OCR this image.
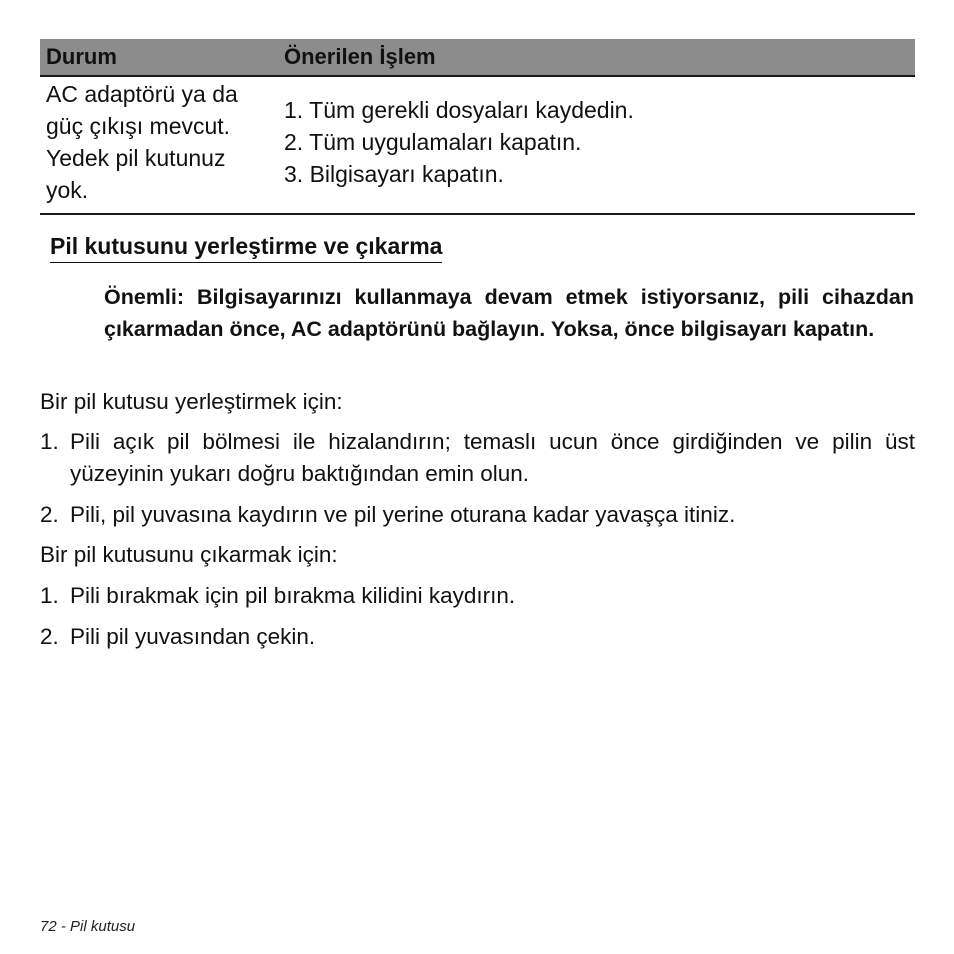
Durum	Önerilen İşlem

AC adaptörü ya da
güç çıkışı mevcut.
Yedek pil kutunuz
yok.	1. Tüm gerekli dosyaları kaydedin.
2. Tüm uygulamaları kapatın.
3. Bilgisayarı kapatın.
Pil kutusunu yerleştirme ve çıkarma

Önemli: Bilgisayarınızı kullanmaya devam etmek istiyorsanız, pili cihazdan çıkarmadan önce, AC adaptörünü bağlayın. Yoksa, önce bilgisayarı kapatın.

Bir pil kutusu yerleştirmek için:

1. Pili açık pil bölmesi ile hizalandırın; temaslı ucun önce girdiğinden ve pilin üst yüzeyinin yukarı doğru baktığından emin olun.
2. Pili, pil yuvasına kaydırın ve pil yerine oturana kadar yavaşça itiniz.

Bir pil kutusunu çıkarmak için:

1. Pili bırakmak için pil bırakma kilidini kaydırın.
2. Pili pil yuvasından çekin.

72 - Pil kutusu
